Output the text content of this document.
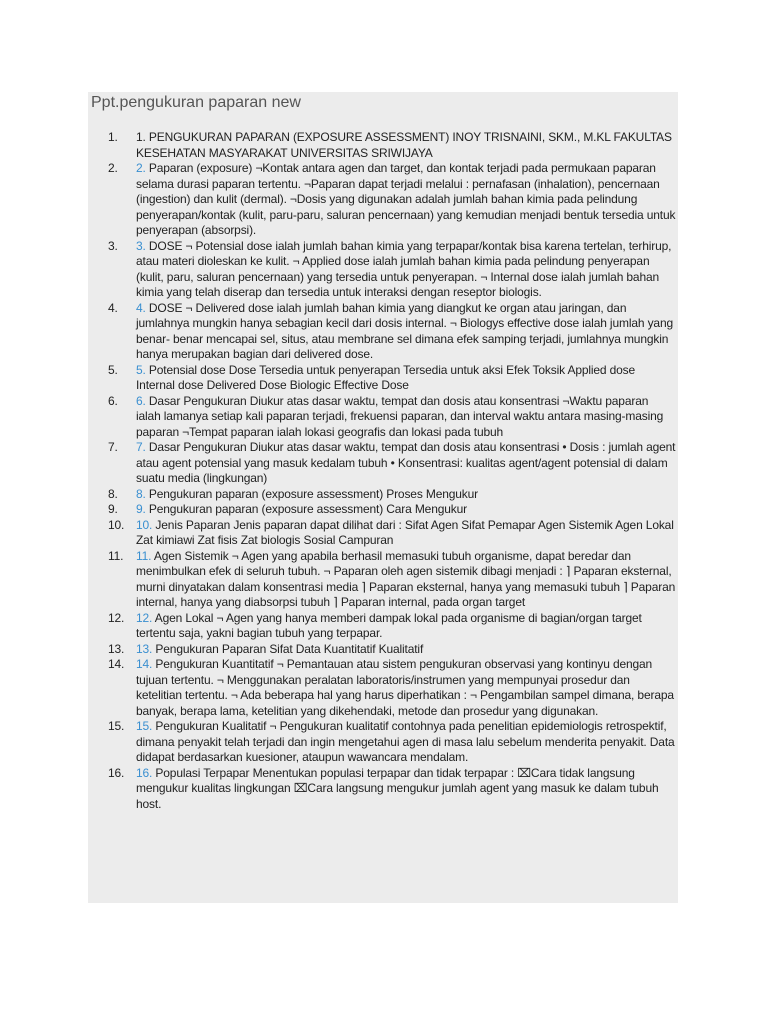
Ppt.pengukuran paparan new
1.	1. PENGUKURAN PAPARAN (EXPOSURE ASSESSMENT) INOY TRISNAINI, SKM., M.KL FAKULTAS KESEHATAN MASYARAKAT UNIVERSITAS SRIWIJAYA
2.	2. Paparan (exposure) ¬Kontak antara agen dan target, dan kontak terjadi pada permukaan paparan selama durasi paparan tertentu. ¬Paparan dapat terjadi melalui : pernafasan (inhalation), pencernaan (ingestion) dan kulit (dermal). ¬Dosis yang digunakan adalah jumlah bahan kimia pada pelindung penyerapan/kontak (kulit, paru-paru, saluran pencernaan) yang kemudian menjadi bentuk tersedia untuk penyerapan (absorpsi).
3.	3. DOSE ¬ Potensial dose ialah jumlah bahan kimia yang terpapar/kontak bisa karena tertelan, terhirup, atau materi dioleskan ke kulit. ¬ Applied dose ialah jumlah bahan kimia pada pelindung penyerapan (kulit, paru, saluran pencernaan) yang tersedia untuk penyerapan. ¬ Internal dose ialah jumlah bahan kimia yang telah diserap dan tersedia untuk interaksi dengan reseptor biologis.
4.	4. DOSE ¬ Delivered dose ialah jumlah bahan kimia yang diangkut ke organ atau jaringan, dan jumlahnya mungkin hanya sebagian kecil dari dosis internal. ¬ Biologys effective dose ialah jumlah yang benar- benar mencapai sel, situs, atau membrane sel dimana efek samping terjadi, jumlahnya mungkin hanya merupakan bagian dari delivered dose.
5.	5. Potensial dose Dose Tersedia untuk penyerapan Tersedia untuk aksi Efek Toksik Applied dose Internal dose Delivered Dose Biologic Effective Dose
6.	6. Dasar Pengukuran Diukur atas dasar waktu, tempat dan dosis atau konsentrasi ¬Waktu paparan ialah lamanya setiap kali paparan terjadi, frekuensi paparan, dan interval waktu antara masing-masing paparan ¬Tempat paparan ialah lokasi geografis dan lokasi pada tubuh
7.	7. Dasar Pengukuran Diukur atas dasar waktu, tempat dan dosis atau konsentrasi • Dosis : jumlah agent atau agent potensial yang masuk kedalam tubuh • Konsentrasi: kualitas agent/agent potensial di dalam suatu media (lingkungan)
8.	8. Pengukuran paparan (exposure assessment) Proses Mengukur
9.	9. Pengukuran paparan (exposure assessment) Cara Mengukur
10. 10. Jenis Paparan Jenis paparan dapat dilihat dari : Sifat Agen Sifat Pemapar Agen Sistemik Agen Lokal Zat kimiawi Zat fisis Zat biologis Sosial Campuran
11.	11. Agen Sistemik ¬ Agen yang apabila berhasil memasuki tubuh organisme, dapat beredar dan menimbulkan efek di seluruh tubuh. ¬ Paparan oleh agen sistemik dibagi menjadi : ⌉ Paparan eksternal, murni dinyatakan dalam konsentrasi media ⌉ Paparan eksternal, hanya yang memasuki tubuh ⌉ Paparan internal, hanya yang diabsorpsi tubuh ⌉ Paparan internal, pada organ target
12. 12. Agen Lokal ¬ Agen yang hanya memberi dampak lokal pada organisme di bagian/organ target tertentu saja, yakni bagian tubuh yang terpapar.
13. 13. Pengukuran Paparan Sifat Data Kuantitatif Kualitatif
14. 14. Pengukuran Kuantitatif ¬ Pemantauan atau sistem pengukuran observasi yang kontinyu dengan tujuan tertentu. ¬ Menggunakan peralatan laboratoris/instrumen yang mempunyai prosedur dan ketelitian tertentu. ¬ Ada beberapa hal yang harus diperhatikan : ¬ Pengambilan sampel dimana, berapa banyak, berapa lama, ketelitian yang dikehendaki, metode dan prosedur yang digunakan.
15. 15. Pengukuran Kualitatif ¬ Pengukuran kualitatif contohnya pada penelitian epidemiologis retrospektif, dimana penyakit telah terjadi dan ingin mengetahui agen di masa lalu sebelum menderita penyakit. Data didapat berdasarkan kuesioner, ataupun wawancara mendalam.
16. 16. Populasi Terpapar Menentukan populasi terpapar dan tidak terpapar : ⌧Cara tidak langsung mengukur kualitas lingkungan ⌧Cara langsung mengukur jumlah agent yang masuk ke dalam tubuh host.
